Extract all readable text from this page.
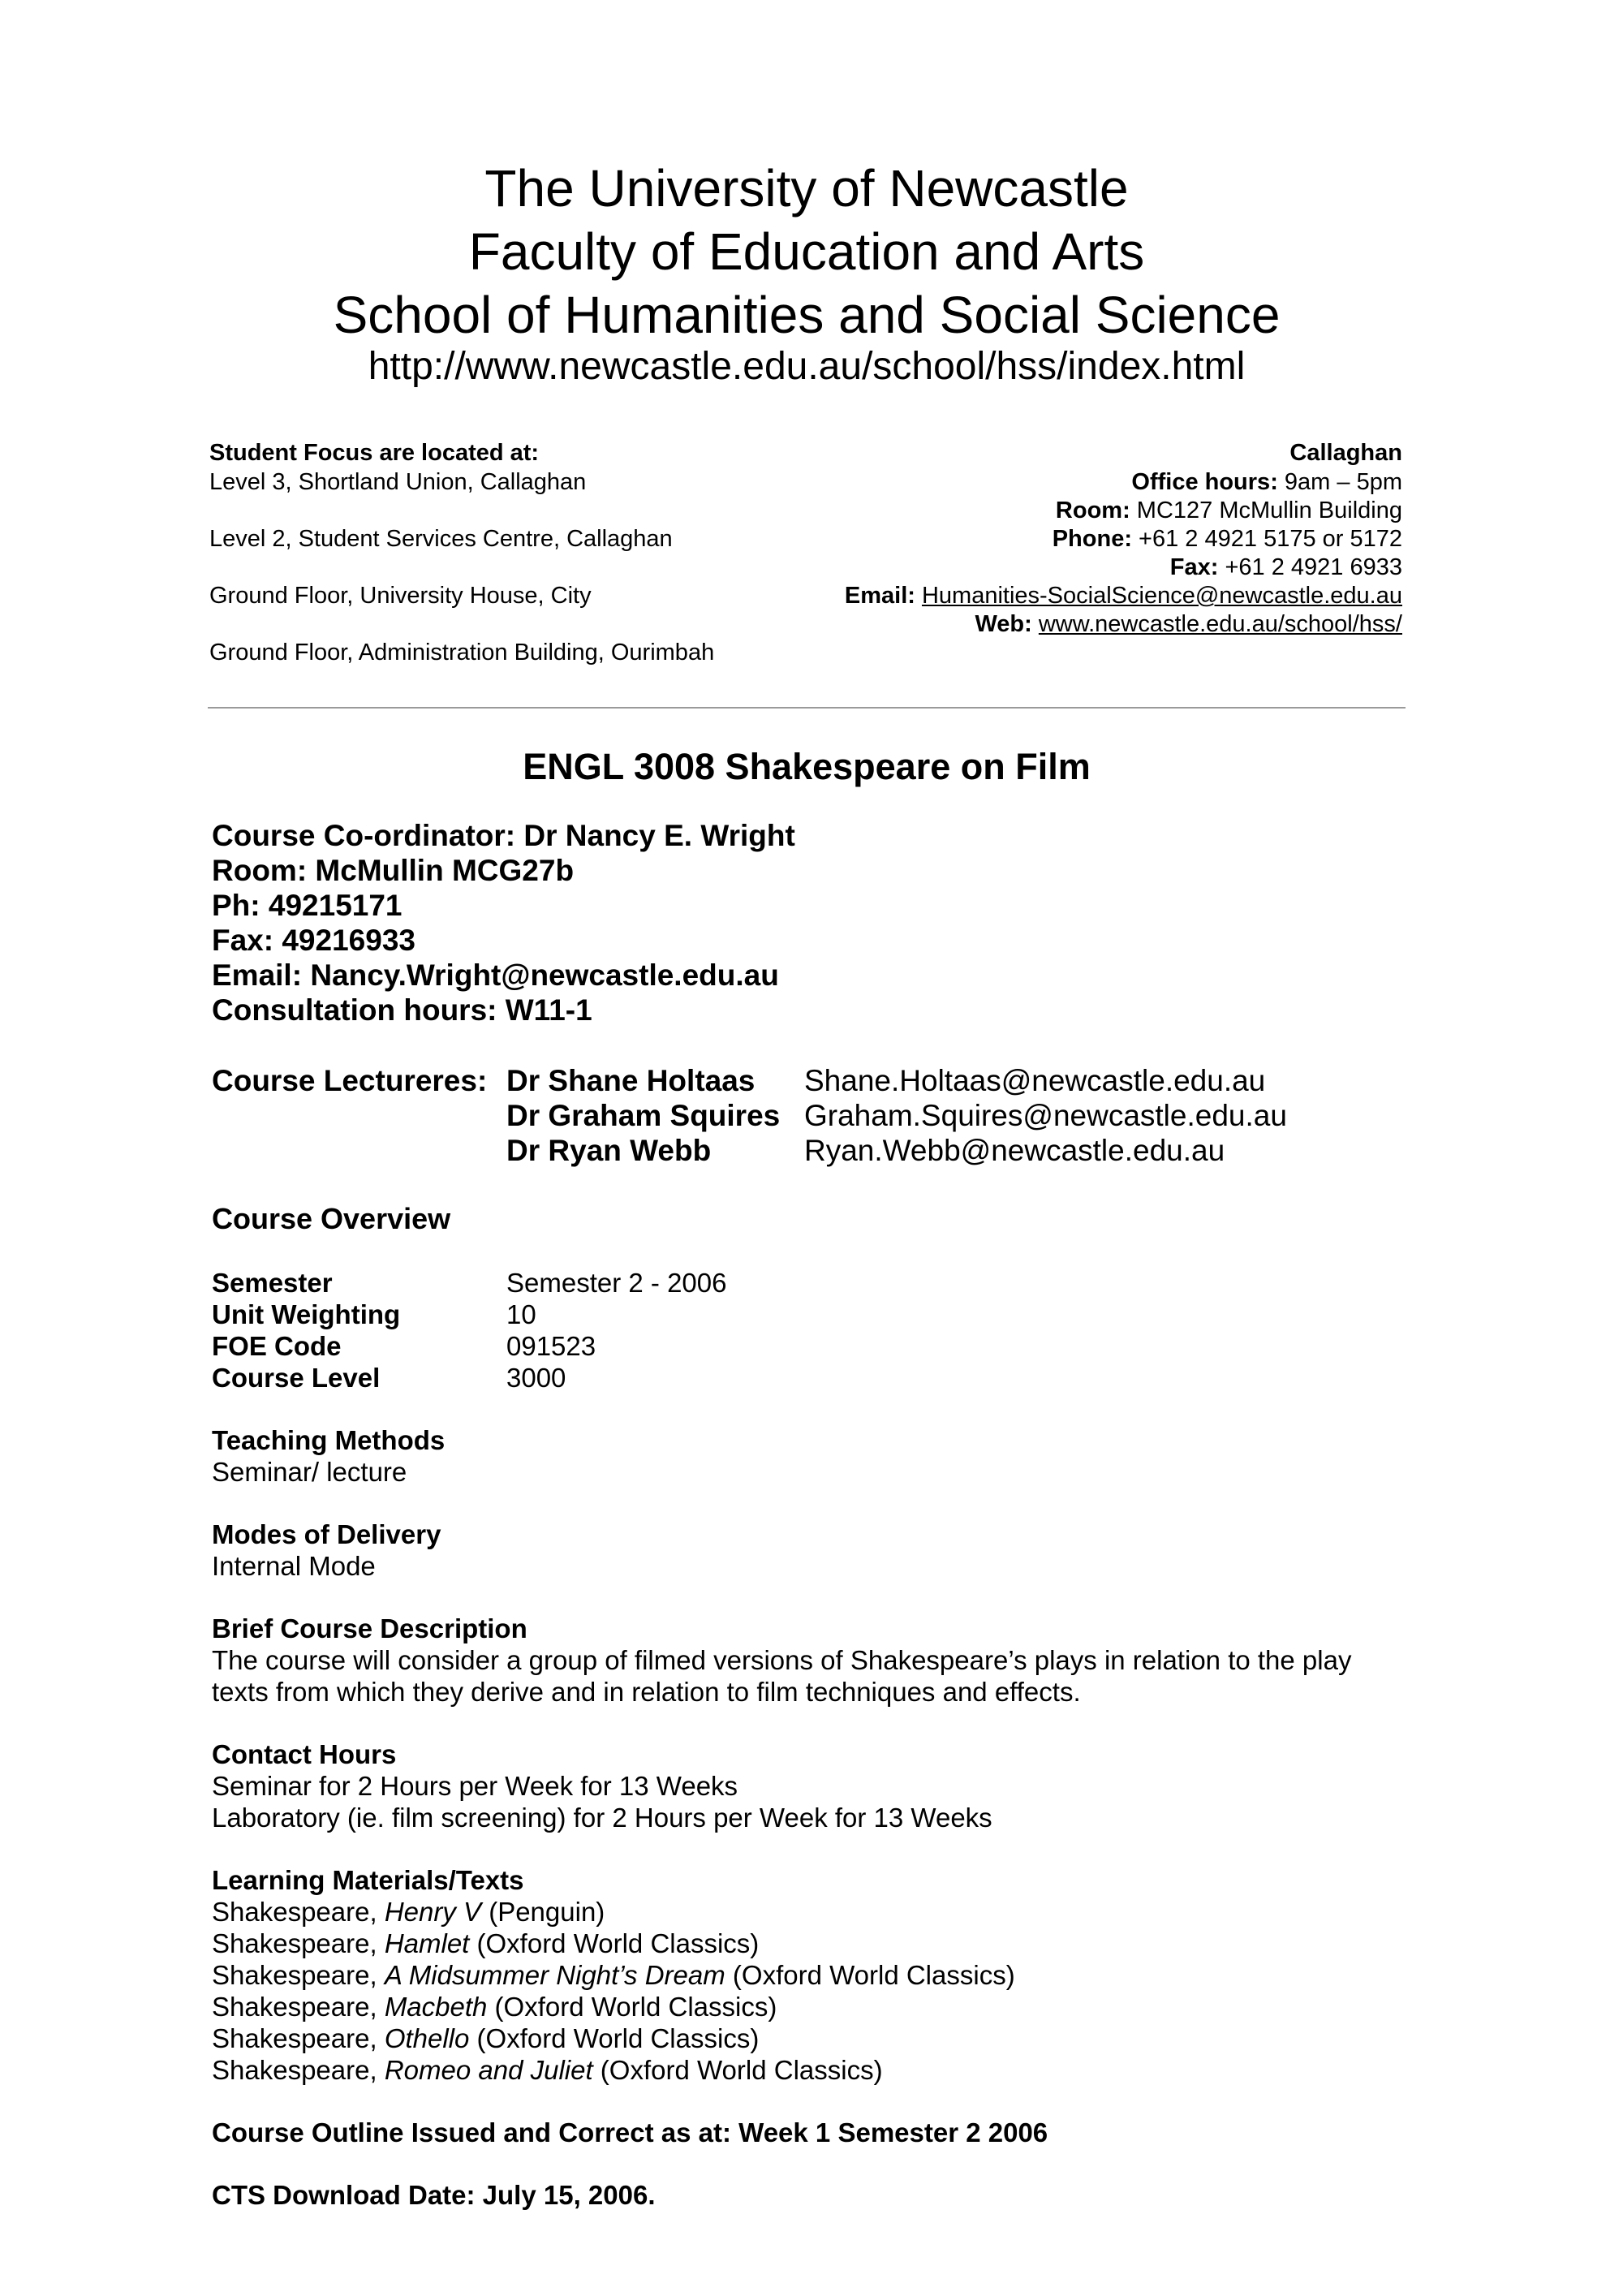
The University of Newcastle
Faculty of Education and Arts
School of Humanities and Social Science
http://www.newcastle.edu.au/school/hss/index.html
Student Focus are located at:
Level 3, Shortland Union, Callaghan
Level 2, Student Services Centre, Callaghan
Ground Floor, University House, City
Ground Floor, Administration Building, Ourimbah
Callaghan
Office hours: 9am – 5pm
Room: MC127 McMullin Building
Phone: +61 2 4921 5175 or 5172
Fax: +61 2 4921 6933
Email: Humanities-SocialScience@newcastle.edu.au
Web: www.newcastle.edu.au/school/hss/
ENGL 3008 Shakespeare on Film
Course Co-ordinator: Dr Nancy E. Wright
Room: McMullin MCG27b
Ph: 49215171
Fax: 49216933
Email: Nancy.Wright@newcastle.edu.au
Consultation hours: W11-1
Course Lectureres: Dr Shane Holtaas Shane.Holtaas@newcastle.edu.au
Dr Graham Squires Graham.Squires@newcastle.edu.au
Dr Ryan Webb	Ryan.Webb@newcastle.edu.au
Course Overview
Semester	Semester 2 - 2006
Unit Weighting	10
FOE Code	091523
Course Level	3000
Teaching Methods
Seminar/ lecture
Modes of Delivery
Internal Mode
Brief Course Description
The course will consider a group of filmed versions of Shakespeare’s plays in relation to the play
texts from which they derive and in relation to film techniques and effects.
Contact Hours
Seminar for 2 Hours per Week for 13 Weeks
Laboratory (ie. film screening) for 2 Hours per Week for 13 Weeks
Learning Materials/Texts
Shakespeare, Henry V (Penguin)
Shakespeare, Hamlet (Oxford World Classics)
Shakespeare, A Midsummer Night’s Dream (Oxford World Classics)
Shakespeare, Macbeth (Oxford World Classics)
Shakespeare, Othello (Oxford World Classics)
Shakespeare, Romeo and Juliet (Oxford World Classics)
Course Outline Issued and Correct as at: Week 1 Semester 2 2006
CTS Download Date: July 15, 2006.
